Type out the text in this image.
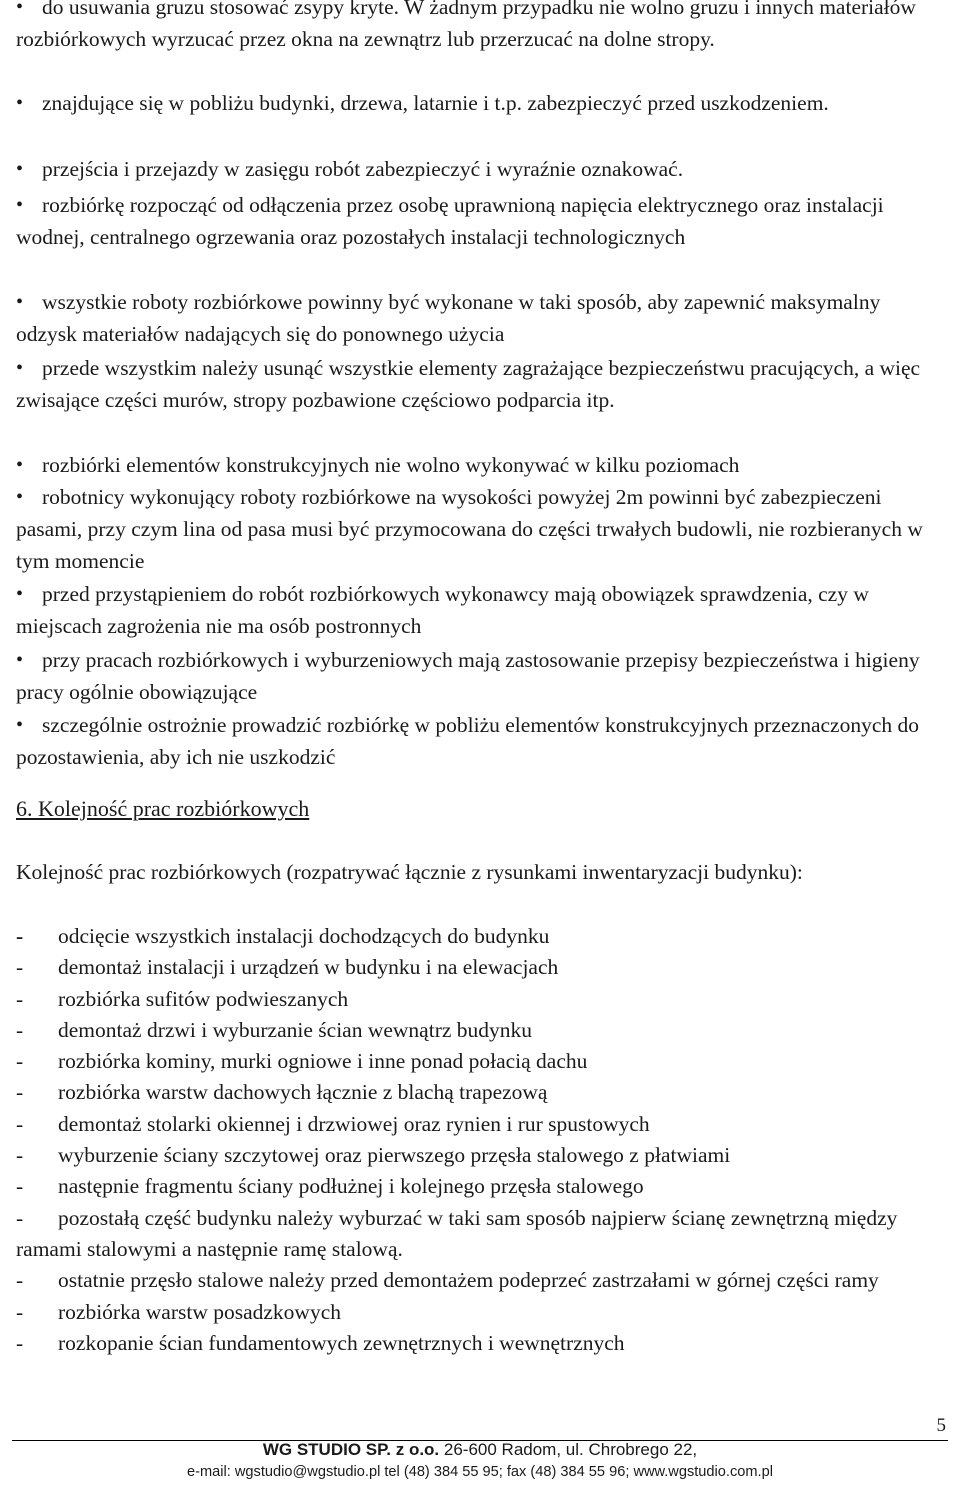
• do usuwania gruzu stosować zsypy kryte. W żadnym przypadku nie wolno gruzu i innych materiałów rozbiórkowych wyrzucać przez okna na zewnątrz lub przerzucać na dolne stropy.

• znajdujące się w pobliżu budynki, drzewa, latarnie i t.p. zabezpieczyć przed uszkodzeniem.

• przejścia i przejazdy w zasięgu robót zabezpieczyć i wyraźnie oznakować.

• rozbiórkę rozpocząć od odłączenia przez osobę uprawnioną napięcia elektrycznego oraz instalacji wodnej, centralnego ogrzewania oraz pozostałych instalacji technologicznych

• wszystkie roboty rozbiórkowe powinny być wykonane w taki sposób, aby zapewnić maksymalny odzysk materiałów nadających się do ponownego użycia

• przede wszystkim należy usunąć wszystkie elementy zagrażające bezpieczeństwu pracujących, a więc zwisające części murów, stropy pozbawione częściowo podparcia itp.

• rozbiórki elementów konstrukcyjnych nie wolno wykonywać w kilku poziomach

• robotnicy wykonujący roboty rozbiórkowe na wysokości powyżej 2m powinni być zabezpieczeni pasami, przy czym lina od pasa musi być przymocowana do części trwałych budowli, nie rozbieranych w tym momencie

• przed przystąpieniem do robót rozbiórkowych wykonawcy mają obowiązek sprawdzenia, czy w miejscach zagrożenia nie ma osób postronnych

• przy pracach rozbiórkowych i wyburzeniowych mają zastosowanie przepisy bezpieczeństwa i higieny pracy ogólnie obowiązujące

• szczególnie ostrożnie prowadzić rozbiórkę w pobliżu elementów konstrukcyjnych przeznaczonych do pozostawienia, aby ich nie uszkodzić

6. Kolejność prac rozbiórkowych

Kolejność prac rozbiórkowych (rozpatrywać łącznie z rysunkami inwentaryzacji budynku):

- odcięcie wszystkich instalacji dochodzących do budynku
- demontaż instalacji i urządzeń w budynku i na elewacjach
- rozbiórka sufitów podwieszanych
- demontaż drzwi i wyburzanie ścian wewnątrz budynku
- rozbiórka kominy, murki ogniowe i inne ponad połacią dachu
- rozbiórka warstw dachowych łącznie z blachą trapezową
- demontaż stolarki okiennej i drzwiowej oraz rynien i rur spustowych
- wyburzenie ściany szczytowej oraz pierwszego przęsła stalowego z płatwiami
- następnie fragmentu ściany podłużnej i kolejnego przęsła stalowego
- pozostałą część budynku należy wyburzać w taki sam sposób najpierw ścianę zewnętrzną między ramami stalowymi a następnie ramę stalową.
- ostatnie przęsło stalowe należy przed demontażem podeprzeć zastrzałami w górnej części ramy
- rozbiórka warstw posadzkowych
- rozkopanie ścian fundamentowych zewnętrznych i wewnętrznych
5
WG STUDIO SP. z o.o. 26-600 Radom, ul. Chrobrego 22,
e-mail: wgstudio@wgstudio.pl tel (48) 384 55 95; fax (48) 384 55 96; www.wgstudio.com.pl
